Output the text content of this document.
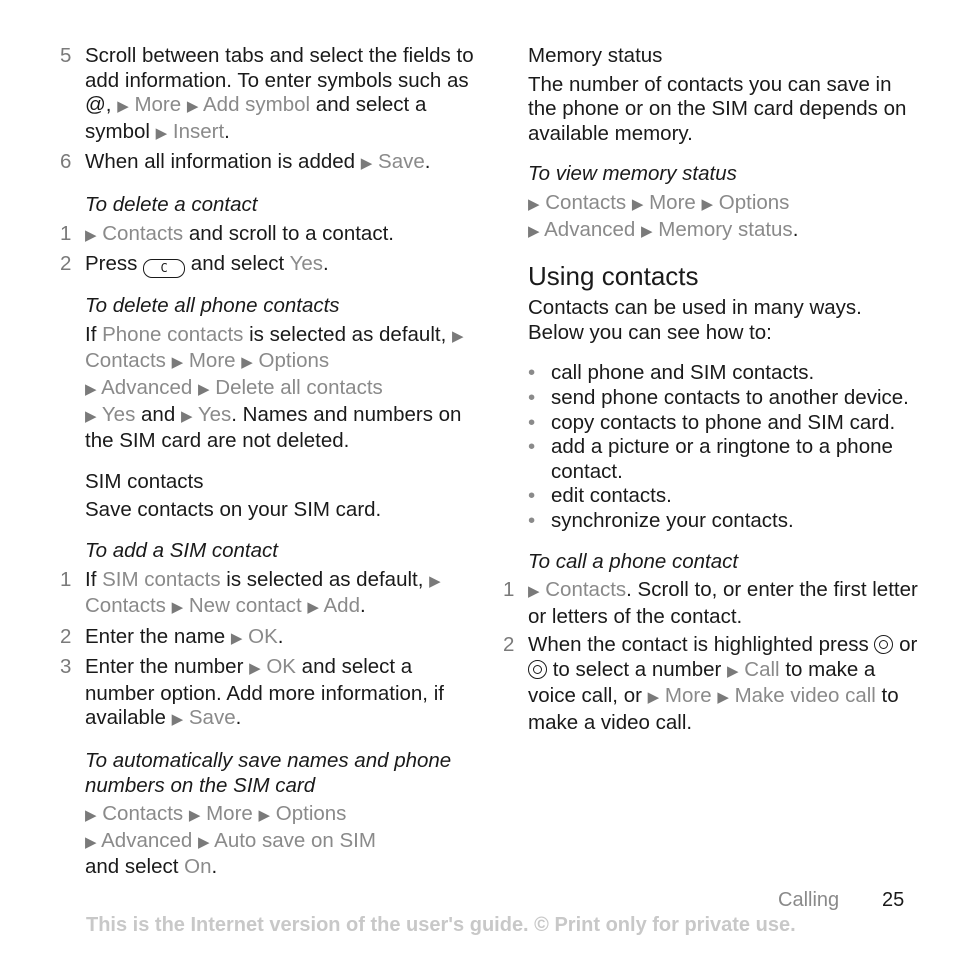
5 Scroll between tabs and select the fields to add information. To enter symbols such as @, ▶ More ▶ Add symbol and select a symbol ▶ Insert.
6 When all information is added ▶ Save.

To delete a contact

1 ▶ Contacts and scroll to a contact.
2 Press C and select Yes.

To delete all phone contacts

If Phone contacts is selected as default, ▶ Contacts ▶ More ▶ Options
▶ Advanced ▶ Delete all contacts
▶ Yes and ▶ Yes. Names and numbers on the SIM card are not deleted.

SIM contacts

Save contacts on your SIM card.

To add a SIM contact

1 If SIM contacts is selected as default, ▶ Contacts ▶ New contact ▶ Add.
2 Enter the name ▶ OK.
3 Enter the number ▶ OK and select a number option. Add more information, if available ▶ Save.

To automatically save names and phone numbers on the SIM card

▶ Contacts ▶ More ▶ Options
▶ Advanced ▶ Auto save on SIM
and select On.

Memory status

The number of contacts you can save in the phone or on the SIM card depends on available memory.

To view memory status

▶ Contacts ▶ More ▶ Options
▶ Advanced ▶ Memory status.

Using contacts

Contacts can be used in many ways. Below you can see how to:

• call phone and SIM contacts.
• send phone contacts to another device.
• copy contacts to phone and SIM card.
• add a picture or a ringtone to a phone contact.
• edit contacts.
• synchronize your contacts.

To call a phone contact

1 ▶ Contacts. Scroll to, or enter the first letter or letters of the contact.
2 When the contact is highlighted press  or  to select a number ▶ Call to make a voice call, or ▶ More ▶ Make video call to make a video call.
Calling 25
This is the Internet version of the user's guide. © Print only for private use.
